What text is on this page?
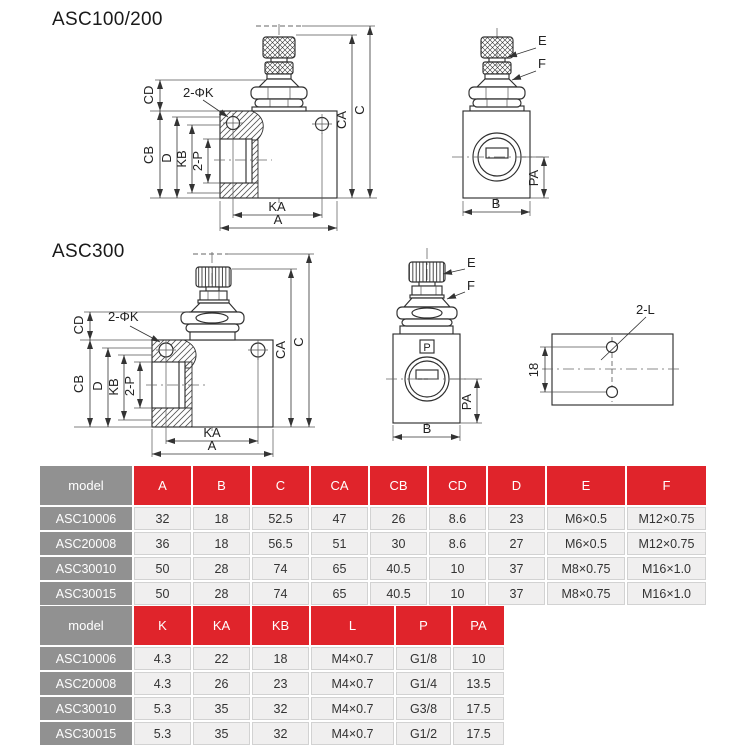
ASC100/200
ASC300
CD
CB D KB 2-P
2-ΦK
CA
C
KA
A
E
F
PA
B
CD
CB D KB 2-P
2-ΦK
CA C
KA
A
P
E
F
PA
B
2-L
18
model	A	B	C	CA	CB	CD	D	E	F
ASC10006	32	18	52.5	47	26	8.6	23	M6×0.5	M12×0.75
ASC20008	36	18	56.5	51	30	8.6	27	M6×0.5	M12×0.75
ASC30010	50	28	74	65	40.5	10	37	M8×0.75	M16×1.0
ASC30015	50	28	74	65	40.5	10	37	M8×0.75	M16×1.0
model	K	KA	KB	L	P	PA
ASC10006	4.3	22	18	M4×0.7	G1/8	10
ASC20008	4.3	26	23	M4×0.7	G1/4	13.5
ASC30010	5.3	35	32	M4×0.7	G3/8	17.5
ASC30015	5.3	35	32	M4×0.7	G1/2	17.5
